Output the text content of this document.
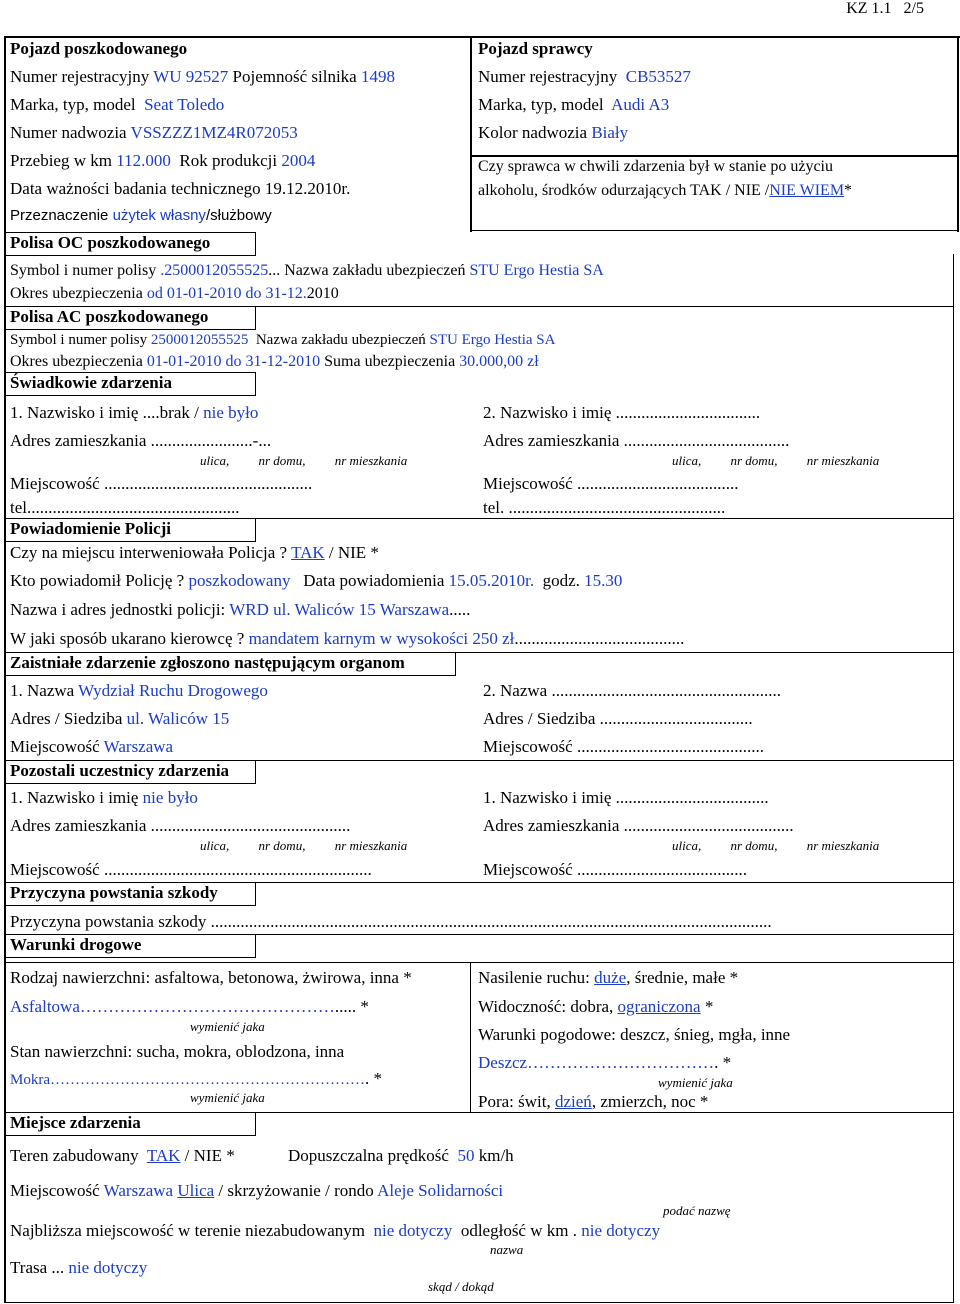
KZ 1.1 2/5
Pojazd poszkodowanego
Numer rejestracyjny WU 92527 Pojemność silnika 1498
Marka, typ, model Seat Toledo
Numer nadwozia VSSZZZ1MZ4R072053
Przebieg w km 112.000 Rok produkcji 2004
Data ważności badania technicznego 19.12.2010r.
Przeznaczenie użytek własny/służbowy
Pojazd sprawcy
Numer rejestracyjny CB53527
Marka, typ, model Audi A3
Kolor nadwozia Biały
Czy sprawca w chwili zdarzenia był w stanie po użyciu
alkoholu, środków odurzających TAK / NIE /NIE WIEM*
Polisa OC poszkodowanego
Symbol i numer polisy .2500012055525... Nazwa zakładu ubezpieczeń STU Ergo Hestia SA
Okres ubezpieczenia od 01-01-2010 do 31-12.2010
Polisa AC poszkodowanego
Symbol i numer polisy 2500012055525 Nazwa zakładu ubezpieczeń STU Ergo Hestia SA
Okres ubezpieczenia 01-01-2010 do 31-12-2010 Suma ubezpieczenia 30.000,00 zł
Świadkowie zdarzenia
1. Nazwisko i imię ....brak / nie było
Adres zamieszkania ........................-...
ulica, nr domu, nr mieszkania
Miejscowość .................................................
tel..................................................
2. Nazwisko i imię ..................................
Adres zamieszkania .......................................
ulica, nr domu, nr mieszkania
Miejscowość ......................................
tel. ...................................................
Powiadomienie Policji
Czy na miejscu interweniowała Policja ? TAK / NIE *
Kto powiadomił Policję ? poszkodowany Data powiadomienia 15.05.2010r. godz. 15.30
Nazwa i adres jednostki policji: WRD ul. Waliców 15 Warszawa.....
W jaki sposób ukarano kierowcę ? mandatem karnym w wysokości 250 zł........................................
Zaistniałe zdarzenie zgłoszono następującym organom
1. Nazwa Wydział Ruchu Drogowego
Adres / Siedziba ul. Waliców 15
Miejscowość Warszawa
2. Nazwa ......................................................
Adres / Siedziba ....................................
Miejscowość ............................................
Pozostali uczestnicy zdarzenia
1. Nazwisko i imię nie było
Adres zamieszkania ...............................................
ulica, nr domu, nr mieszkania
Miejscowość ...............................................................
1. Nazwisko i imię ....................................
Adres zamieszkania ........................................
ulica, nr domu, nr mieszkania
Miejscowość ........................................
Przyczyna powstania szkody
Przyczyna powstania szkody ....................................................................................................................................
Warunki drogowe
Rodzaj nawierzchni: asfaltowa, betonowa, żwirowa, inna *
Asfaltowa………………………………………..... *
wymienić jaka
Stan nawierzchni: sucha, mokra, oblodzona, inna
Mokra………………………………………………………. *
wymienić jaka
Nasilenie ruchu: duże, średnie, małe *
Widoczność: dobra, ograniczona *
Warunki pogodowe: deszcz, śnieg, mgła, inne
Deszcz……………………………. *
wymienić jaka
Pora: świt, dzień, zmierzch, noc *
Miejsce zdarzenia
Teren zabudowany TAK / NIE *	Dopuszczalna prędkość 50 km/h
Miejscowość Warszawa Ulica / skrzyżowanie / rondo Aleje Solidarności
podać nazwę
Najbliższa miejscowość w terenie niezabudowanym nie dotyczy odległość w km . nie dotyczy
nazwa
Trasa ... nie dotyczy
skąd / dokąd
